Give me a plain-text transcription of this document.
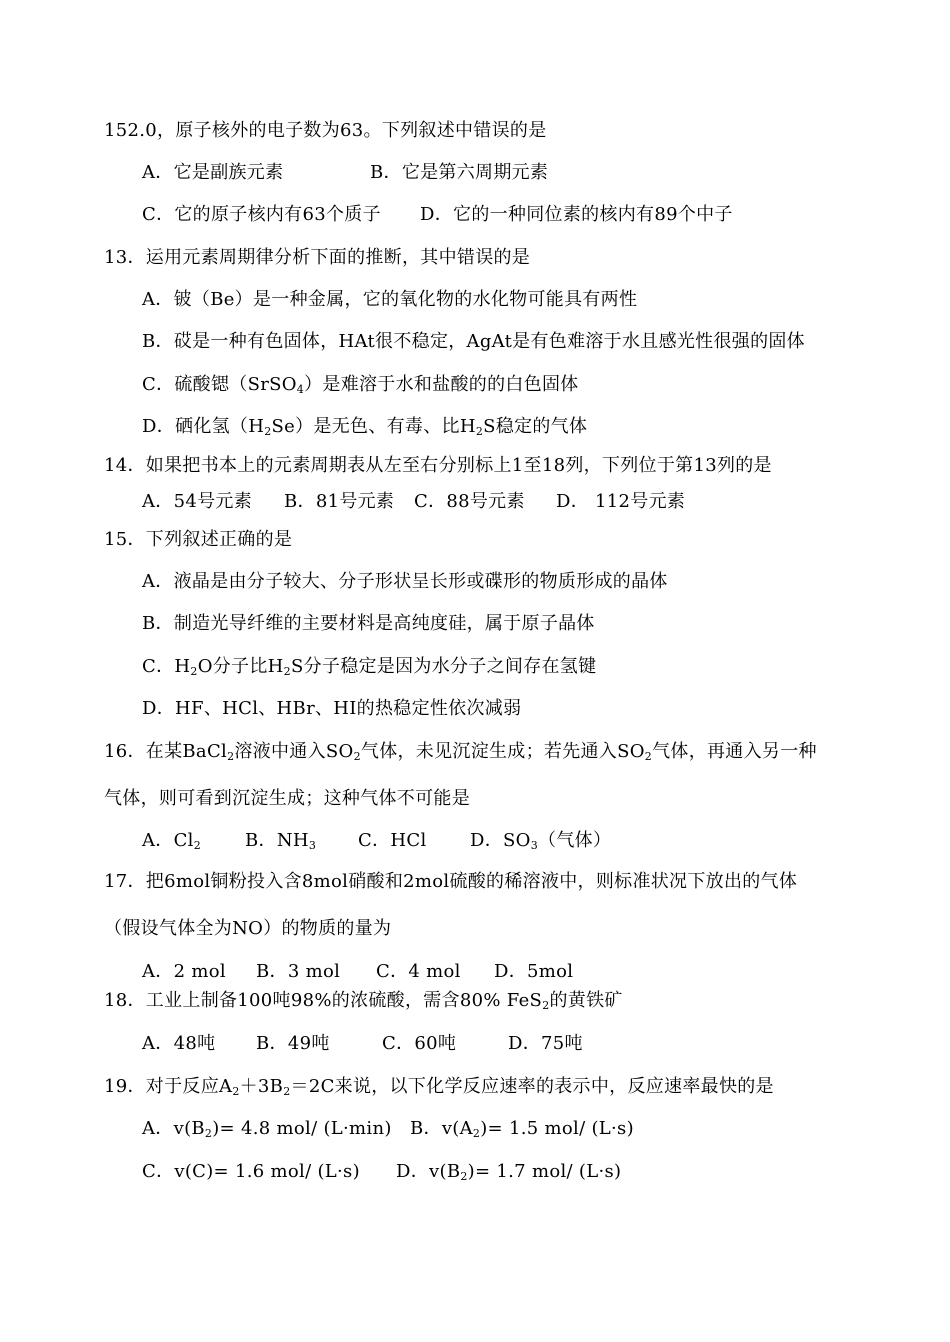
152.0，原子核外的电子数为63。下列叙述中错误的是
A．它是副族元素	B．它是第六周期元素
C．它的原子核内有63个质子 D．它的一种同位素的核内有89个中子
13．运用元素周期律分析下面的推断，其中错误的是
A．铍（Be）是一种金属，它的氧化物的水化物可能具有两性
B．砹是一种有色固体，HAt很不稳定，AgAt是有色难溶于水且感光性很强的固体
C．硫酸锶（SrSO$_4$）是难溶于水和盐酸的的白色固体
D．硒化氢$(H_2Se)$是无色、有毒、比$H_2S$稳定的气体
14．如果把书本上的元素周期表从左至右分别标上1至18列，下列位于第13列的是
A．54号元素 B．81号元素 C．88号元素 D． 112号元素
15．下列叙述正确的是
A．液晶是由分子较大、分子形状呈长形或碟形的物质形成的晶体
B．制造光导纤维的主要材料是高纯度硅，属于原子晶体
C．$H_2O$分子比$H_2S$分子稳定是因为水分子之间存在氢键
D．HF、HCl、HBr、HI的热稳定性依次减弱
16．在某BaCl$_2$溶液中通入$SO_2$气体，未见沉淀生成；若先通入$SO_2$气体，再通入另一种
气体，则可看到沉淀生成；这种气体不可能是
A．$Cl_2$ B．$NH_3$ C．HCl D．$SO_3$（气体）
17．把6mol铜粉投入含8mol硝酸和2mol硫酸的稀溶液中，则标准状况下放出的气体
（假设气体全为NO）的物质的量为
A．2 mol B．3 mol C．4 mol D．5mol
18．工业上制备100吨98%的浓硫酸，需含80% FeS$_2$的黄铁矿
A．48吨 B．49吨	C．60吨	D．75吨
19．对于反应$A_2+3B_2=2C$来说，以下化学反应速率的表示中，反应速率最快的是
A．$v(B_2)= 4.8$ mol/ (L·min) B．$v(A_2)= 1.5$ mol/ (L·s)
C．v(C)= 1.6 mol/ (L·s) D．$v(B_2)= 1.7$ mol/ (L·s)
